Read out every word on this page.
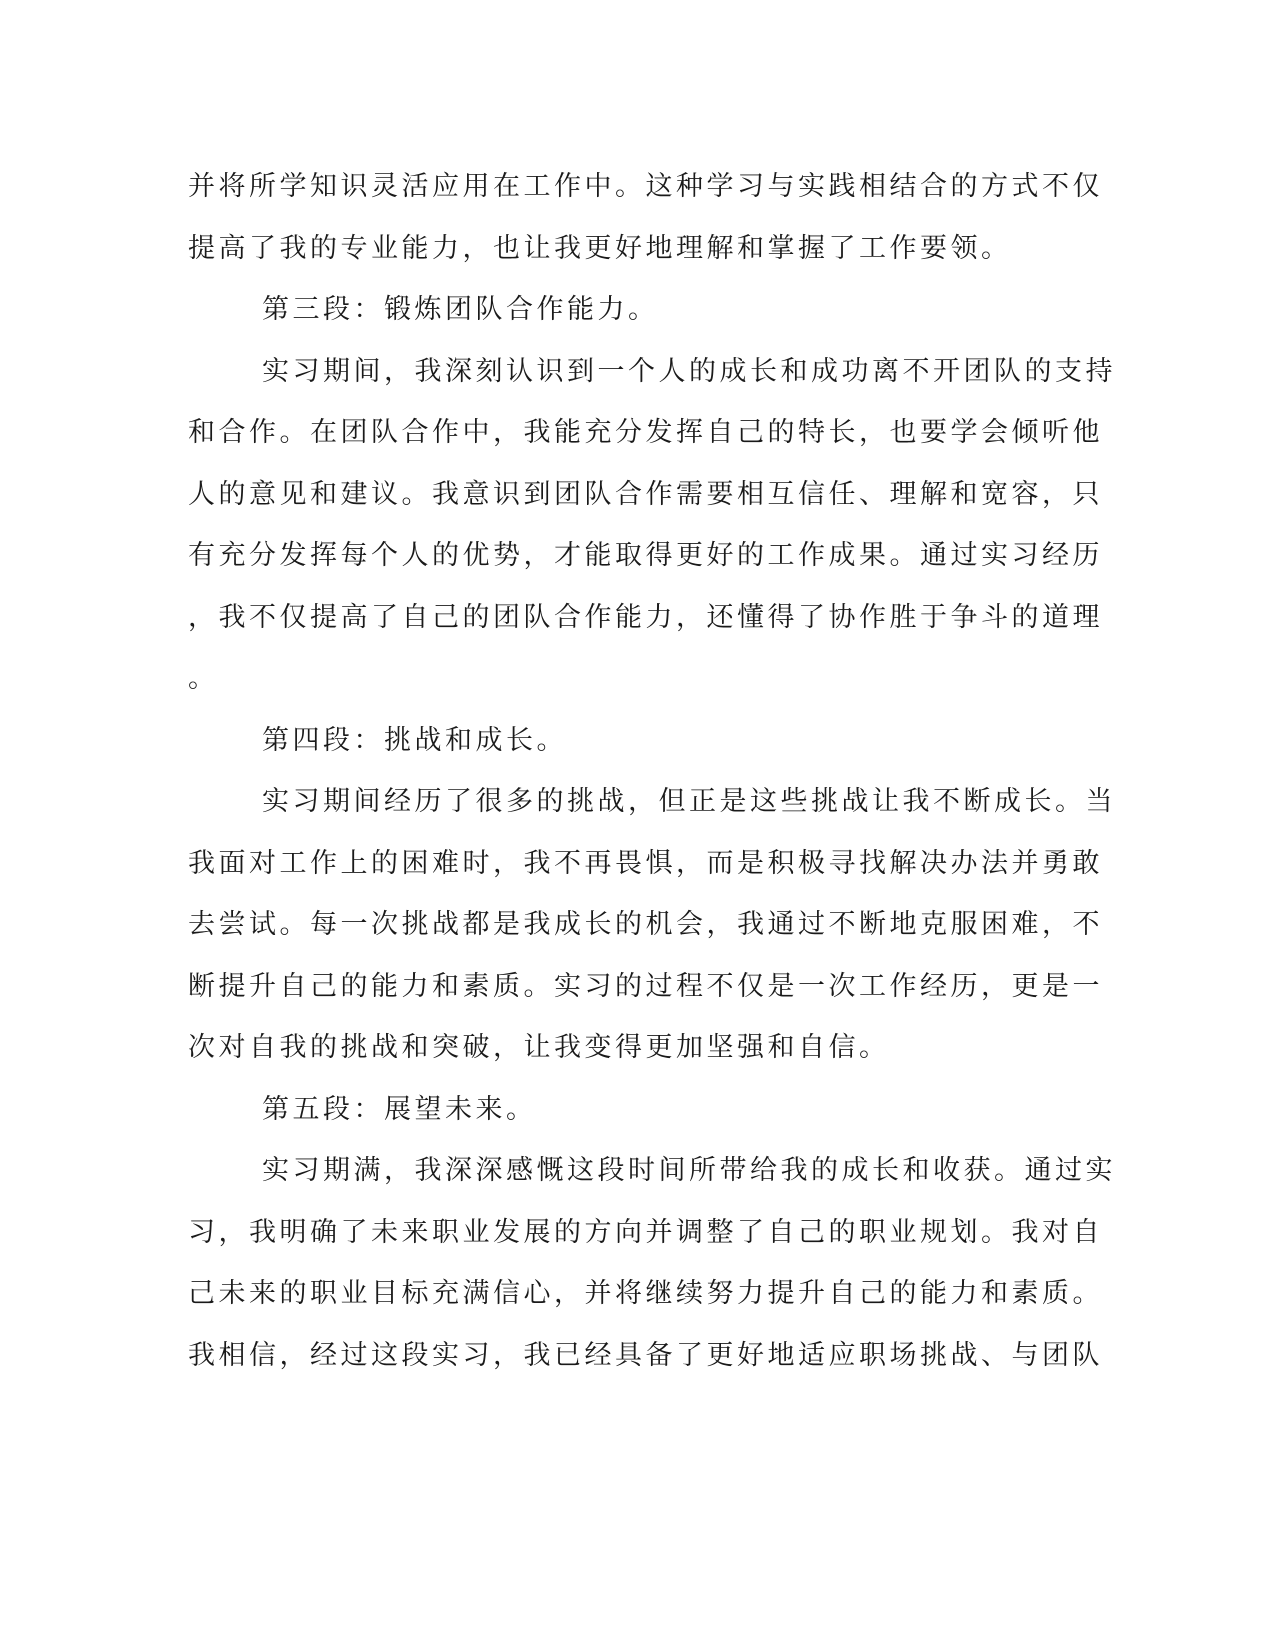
并将所学知识灵活应用在工作中。这种学习与实践相结合的方式不仅
提高了我的专业能力，也让我更好地理解和掌握了工作要领。
第三段：锻炼团队合作能力。
实习期间，我深刻认识到一个人的成长和成功离不开团队的支持
和合作。在团队合作中，我能充分发挥自己的特长，也要学会倾听他
人的意见和建议。我意识到团队合作需要相互信任、理解和宽容，只
有充分发挥每个人的优势，才能取得更好的工作成果。通过实习经历
，我不仅提高了自己的团队合作能力，还懂得了协作胜于争斗的道理
。
第四段：挑战和成长。
实习期间经历了很多的挑战，但正是这些挑战让我不断成长。当
我面对工作上的困难时，我不再畏惧，而是积极寻找解决办法并勇敢
去尝试。每一次挑战都是我成长的机会，我通过不断地克服困难，不
断提升自己的能力和素质。实习的过程不仅是一次工作经历，更是一
次对自我的挑战和突破，让我变得更加坚强和自信。
第五段：展望未来。
实习期满，我深深感慨这段时间所带给我的成长和收获。通过实
习，我明确了未来职业发展的方向并调整了自己的职业规划。我对自
己未来的职业目标充满信心，并将继续努力提升自己的能力和素质。
我相信，经过这段实习，我已经具备了更好地适应职场挑战、与团队
